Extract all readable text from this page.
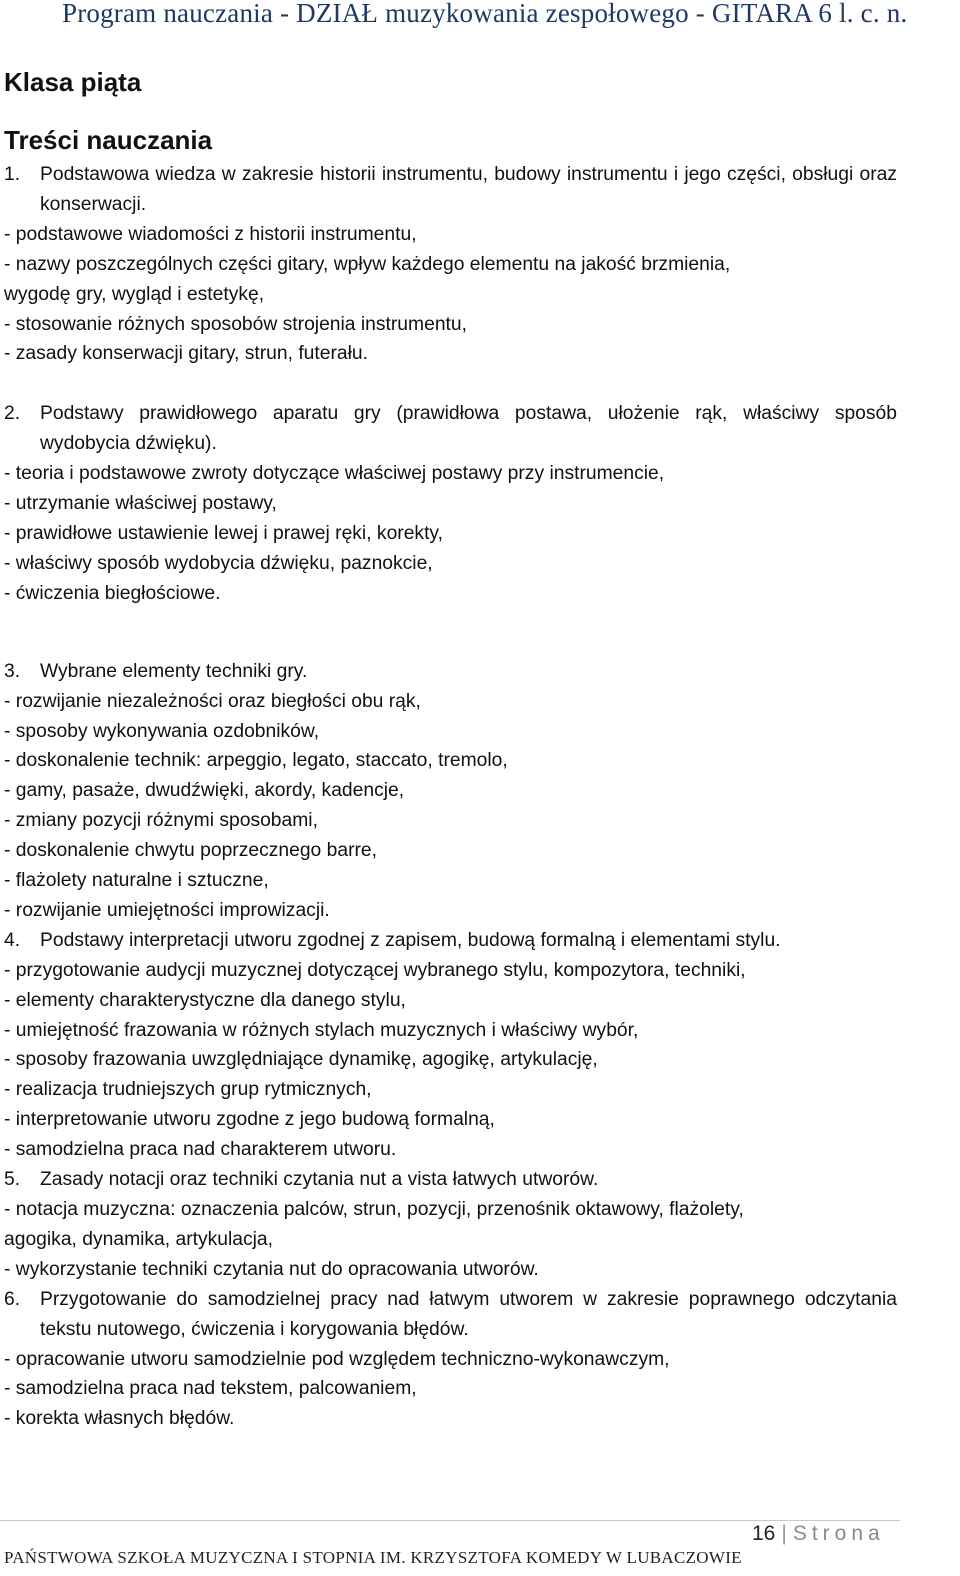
Program nauczania - DZIAŁ muzykowania zespołowego - GITARA 6 l. c. n.
Klasa piąta
Treści nauczania
1.	Podstawowa wiedza w zakresie historii instrumentu, budowy instrumentu i jego części, obsługi oraz konserwacji.
- podstawowe wiadomości z historii instrumentu,
- nazwy poszczególnych części gitary, wpływ każdego elementu na jakość brzmienia,
wygodę gry, wygląd i estetykę,
- stosowanie różnych sposobów strojenia instrumentu,
- zasady konserwacji gitary, strun, futerału.
2.	Podstawy prawidłowego aparatu gry (prawidłowa postawa, ułożenie rąk, właściwy sposób wydobycia dźwięku).
- teoria i podstawowe zwroty dotyczące właściwej postawy przy instrumencie,
- utrzymanie właściwej postawy,
- prawidłowe ustawienie lewej i prawej ręki, korekty,
- właściwy sposób wydobycia dźwięku, paznokcie,
- ćwiczenia biegłościowe.
3.	Wybrane elementy techniki gry.
- rozwijanie niezależności oraz biegłości obu rąk,
- sposoby wykonywania ozdobników,
- doskonalenie technik: arpeggio, legato, staccato, tremolo,
- gamy, pasaże, dwudźwięki, akordy, kadencje,
- zmiany pozycji różnymi sposobami,
- doskonalenie chwytu poprzecznego barre,
- flażolety naturalne i sztuczne,
- rozwijanie umiejętności improwizacji.
4.	Podstawy interpretacji utworu zgodnej z zapisem, budową formalną i elementami stylu.
- przygotowanie audycji muzycznej dotyczącej wybranego stylu, kompozytora, techniki,
- elementy charakterystyczne dla danego stylu,
- umiejętność frazowania w różnych stylach muzycznych i właściwy wybór,
- sposoby frazowania uwzględniające dynamikę, agogikę, artykulację,
- realizacja trudniejszych grup rytmicznych,
- interpretowanie utworu zgodne z jego budową formalną,
- samodzielna praca nad charakterem utworu.
5.	Zasady notacji oraz techniki czytania nut a vista łatwych utworów.
- notacja muzyczna: oznaczenia palców, strun, pozycji, przenośnik oktawowy, flażolety,
agogika, dynamika, artykulacja,
- wykorzystanie techniki czytania nut do opracowania utworów.
6.	Przygotowanie do samodzielnej pracy nad łatwym utworem w zakresie poprawnego odczytania tekstu nutowego, ćwiczenia i korygowania błędów.
- opracowanie utworu samodzielnie pod względem techniczno-wykonawczym,
- samodzielna praca nad tekstem, palcowaniem,
- korekta własnych błędów.
16 | Strona
PAŃSTWOWA SZKOŁA MUZYCZNA I STOPNIA IM. KRZYSZTOFA KOMEDY W LUBACZOWIE
